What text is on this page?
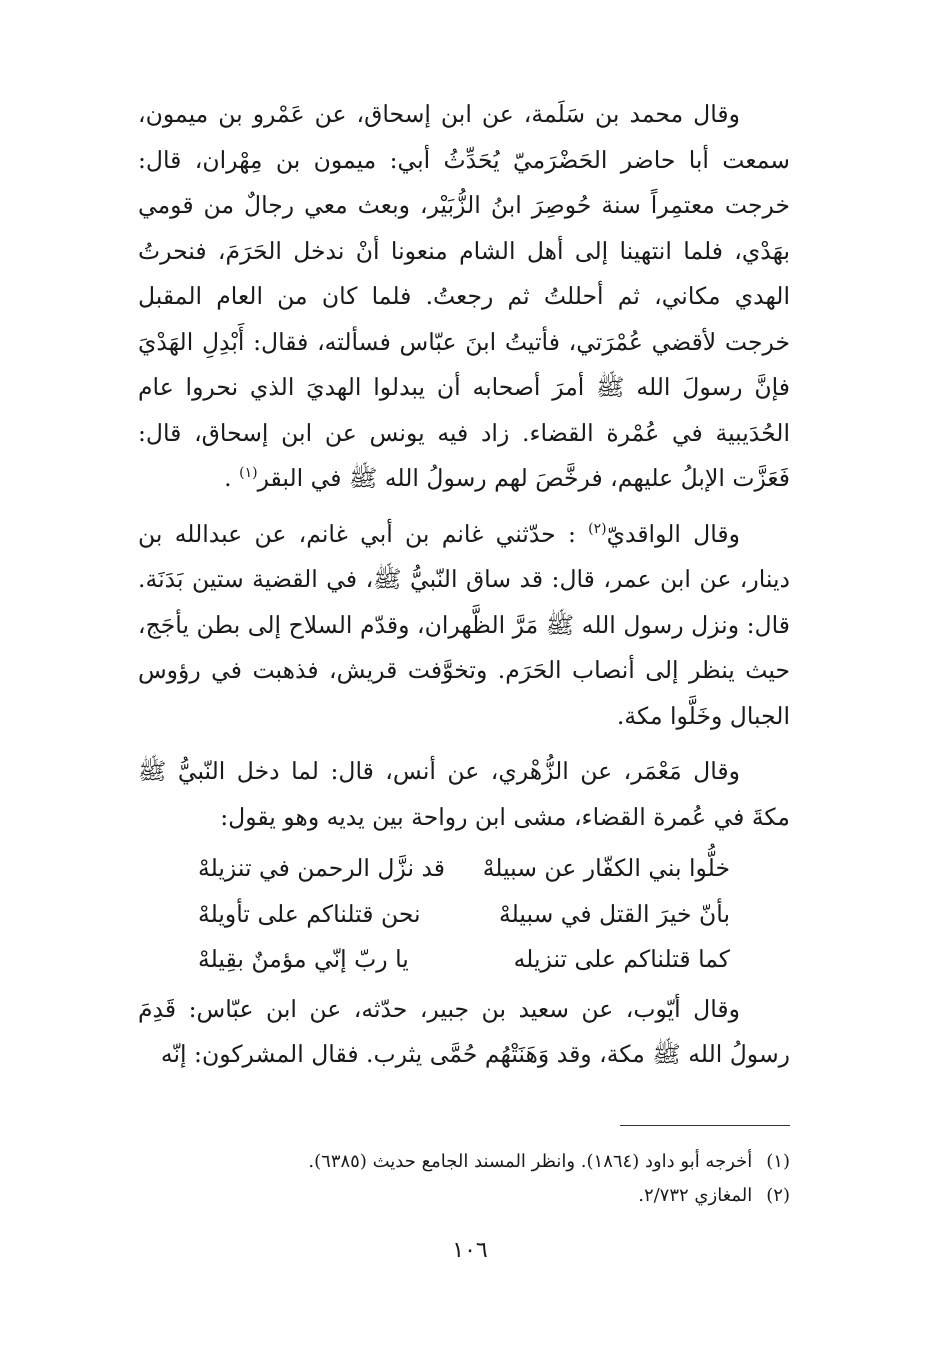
وقال محمد بن سَلَمة، عن ابن إسحاق، عن عَمْرو بن ميمون، سمعت أبا حاضر الحَضْرَميّ يُحَدِّثُ أبي: ميمون بن مِهْران، قال: خرجت معتمِراً سنة حُوصِرَ ابنُ الزُّبَيْر، وبعث معي رجالٌ من قومي بهَدْي، فلما انتهينا إلى أهل الشام منعونا أنْ ندخل الحَرَمَ، فنحرتُ الهدي مكاني، ثم أحللتُ ثم رجعتُ. فلما كان من العام المقبل خرجت لأقضي عُمْرَتي، فأتيتُ ابنَ عبّاس فسألته، فقال: أَبْدِلِ الهَدْيَ فإنَّ رسولَ الله ﷺ أمرَ أصحابه أن يبدلوا الهديَ الذي نحروا عام الحُدَيبية في عُمْرة القضاء. زاد فيه يونس عن ابن إسحاق، قال: فَعَزَّت الإبلُ عليهم، فرخَّصَ لهم رسولُ الله ﷺ في البقر$^{(١)}$ .

وقال الواقديّ$^{(٢)}$ : حدّثني غانم بن أبي غانم، عن عبدالله بن دينار، عن ابن عمر، قال: قد ساق النّبيُّ ﷺ، في القضية ستين بَدَنَة. قال: ونزل رسول الله ﷺ مَرَّ الظَّهران، وقدّم السلاح إلى بطن يأجَج، حيث ينظر إلى أنصاب الحَرَم. وتخوَّفت قريش، فذهبت في رؤوس الجبال وخَلَّوا مكة.

وقال مَعْمَر، عن الزُّهْري، عن أنس، قال: لما دخل النّبيُّ ﷺ مكةَ في عُمرة القضاء، مشى ابن رواحة بين يديه وهو يقول:

خلُّوا بني الكفّار عن سبيلهْ
قد نزَّل الرحمن في تنزيلهْ
بأنّ خيرَ القتل في سبيلهْ
نحن قتلناكم على تأويلهْ
كما قتلناكم على تنزيله
يا ربّ إنّي مؤمنٌ بقِيلهْ

وقال أيّوب، عن سعيد بن جبير، حدّثه، عن ابن عبّاس: قَدِمَ رسولُ الله ﷺ مكة، وقد وَهَنَتْهُم حُمَّى يثرب. فقال المشركون: إنّه

(١)أخرجه أبو داود (١٨٦٤). وانظر المسند الجامع حديث (٦٣٨٥).

(٢)المغازي ٢/٧٣٢.

١٠٦
